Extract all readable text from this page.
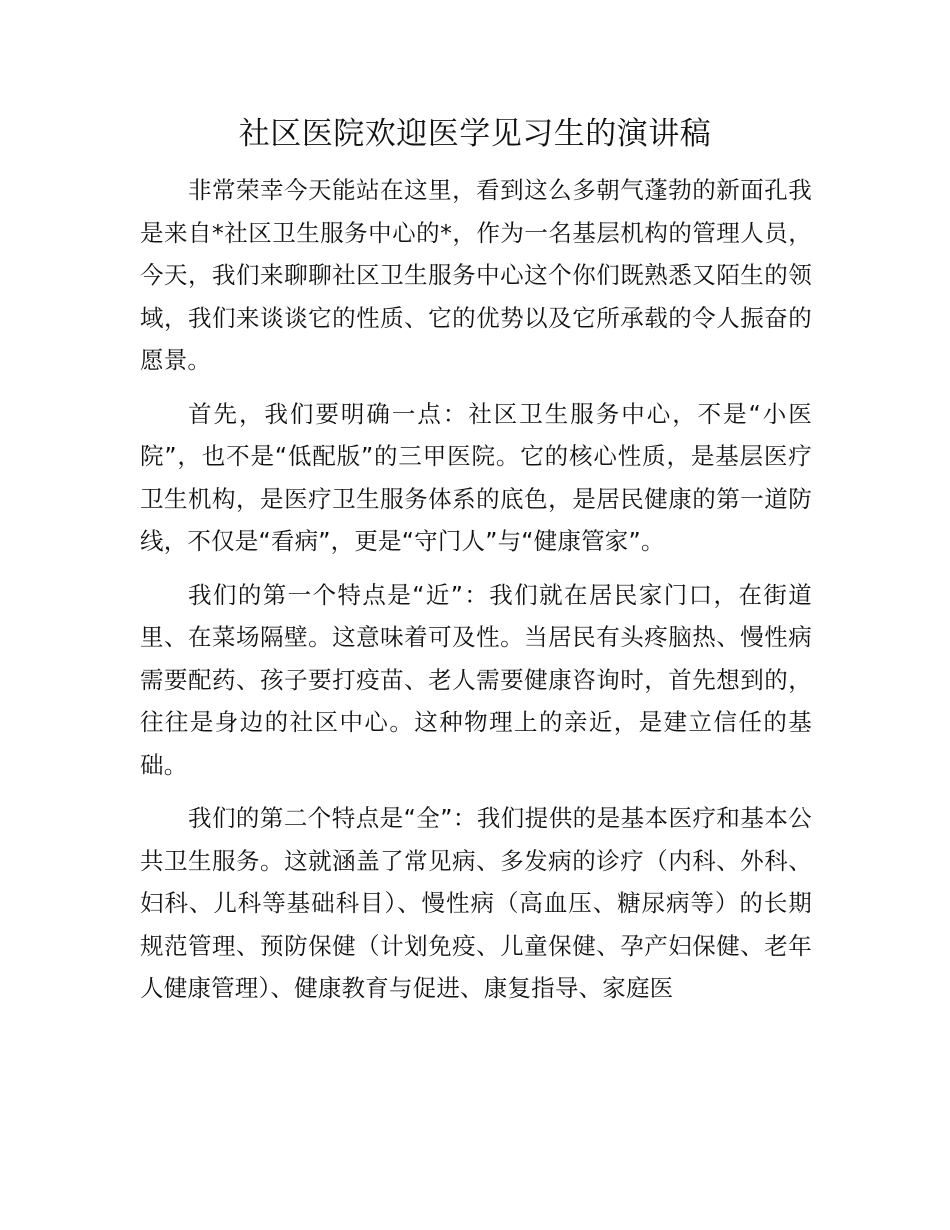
社区医院欢迎医学见习生的演讲稿

非常荣幸今天能站在这里，看到这么多朝气蓬勃的新面孔我是来自*社区卫生服务中心的*，作为一名基层机构的管理人员，今天，我们来聊聊社区卫生服务中心这个你们既熟悉又陌生的领域，我们来谈谈它的性质、它的优势以及它所承载的令人振奋的愿景。

首先，我们要明确一点：社区卫生服务中心，不是“小医院”，也不是“低配版”的三甲医院。它的核心性质，是基层医疗卫生机构，是医疗卫生服务体系的底色，是居民健康的第一道防线，不仅是“看病”，更是“守门人”与“健康管家”。

我们的第一个特点是“近”：我们就在居民家门口，在街道里、在菜场隔壁。这意味着可及性。当居民有头疼脑热、慢性病需要配药、孩子要打疫苗、老人需要健康咨询时，首先想到的，往往是身边的社区中心。这种物理上的亲近，是建立信任的基础。

我们的第二个特点是“全”：我们提供的是基本医疗和基本公共卫生服务。这就涵盖了常见病、多发病的诊疗（内科、外科、妇科、儿科等基础科目）、慢性病（高血压、糖尿病等）的长期规范管理、预防保健（计划免疫、儿童保健、孕产妇保健、老年人健康管理）、健康教育与促进、康复指导、家庭医
